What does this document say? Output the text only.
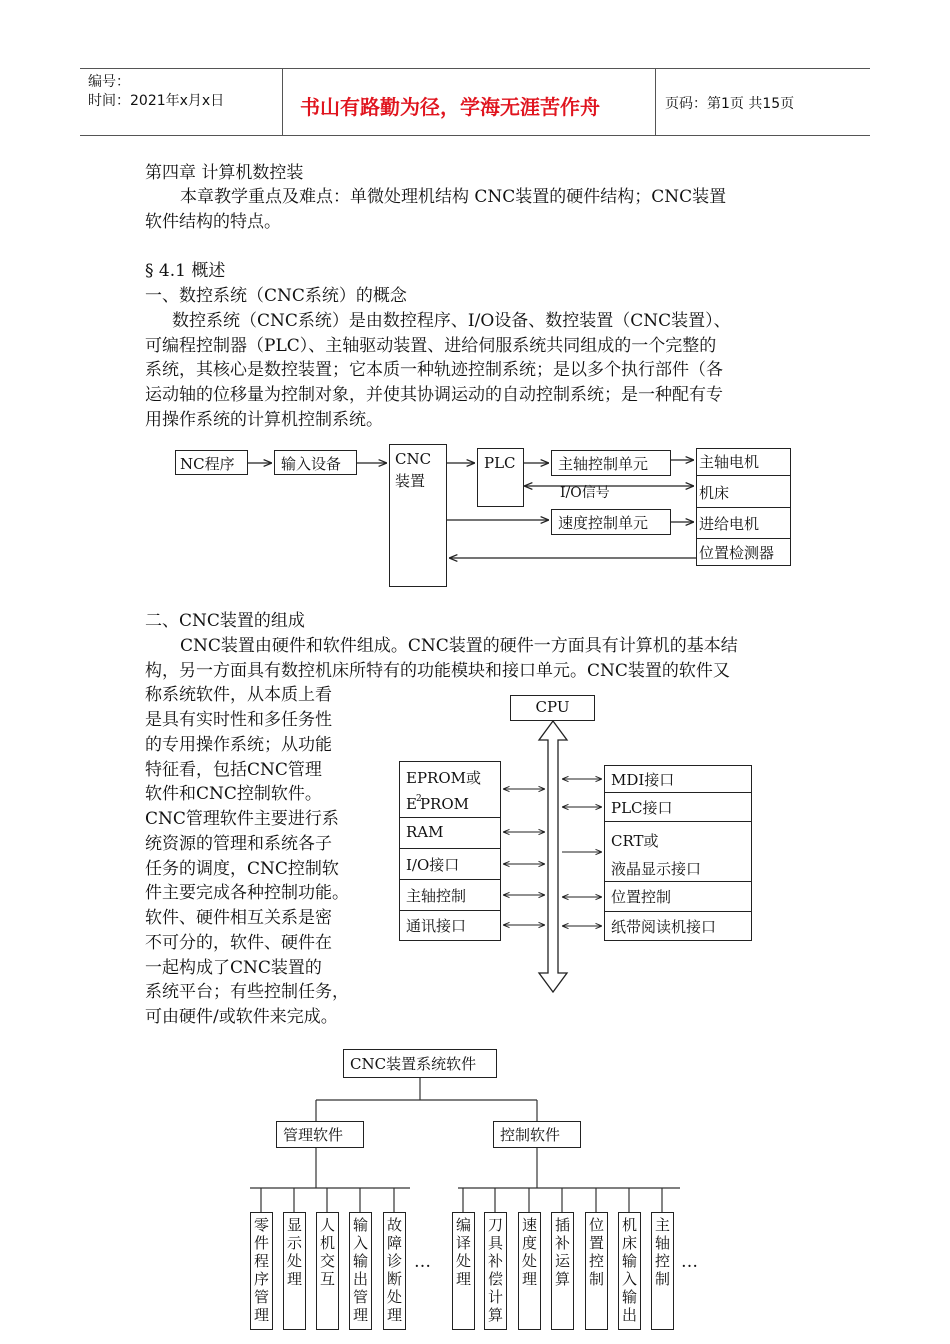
编号：
时间：2021年x月x日	书山有路勤为径，学海无涯苦作舟	页码：第1页 共15页
第四章 计算机数控装
本章教学重点及难点：单微处理机结构 CNC装置的硬件结构；CNC装置
软件结构的特点。
§ 4.1 概述
一、数控系统（CNC系统）的概念
数控系统（CNC系统）是由数控程序、I/O设备、数控装置（CNC装置）、
可编程控制器（PLC）、主轴驱动装置、进给伺服系统共同组成的一个完整的
系统，其核心是数控装置；它本质一种轨迹控制系统；是以多个执行部件（各
运动轴的位移量为控制对象，并使其协调运动的自动控制系统；是一种配有专
用操作系统的计算机控制系统。
NC程序	输入设备	CNC
装置
PLC	主轴控制单元
I/O信号
速度控制单元
主轴电机
机床
进给电机
位置检测器
二、CNC装置的组成
CNC装置由硬件和软件组成。CNC装置的硬件一方面具有计算机的基本结
构，另一方面具有数控机床所特有的功能模块和接口单元。CNC装置的软件又
称系统软件，从本质上看
是具有实时性和多任务性
的专用操作系统；从功能
特征看，包括CNC管理
软件和CNC控制软件。
CNC管理软件主要进行系
统资源的管理和系统各子
任务的调度，CNC控制软
件主要完成各种控制功能。
软件、硬件相互关系是密
不可分的，软件、硬件在
一起构成了CNC装置的
系统平台；有些控制任务，
可由硬件/或软件来完成。
CPU
EPROM或
E 2
PROM
RAM
I/O接口
主轴控制
通讯接口
MDI接口
PLC接口
CRT或
液晶显示接口
位置控制
纸带阅读机接口
CNC装置系统软件
管理软件	控制软件
零件程序管理
显示处理
人机交互
输入输出管理
故障诊断处理
…
编译处理
刀具补偿计算
速度处理
插补运算
位置控制
机床输入输出
主轴控制
…
